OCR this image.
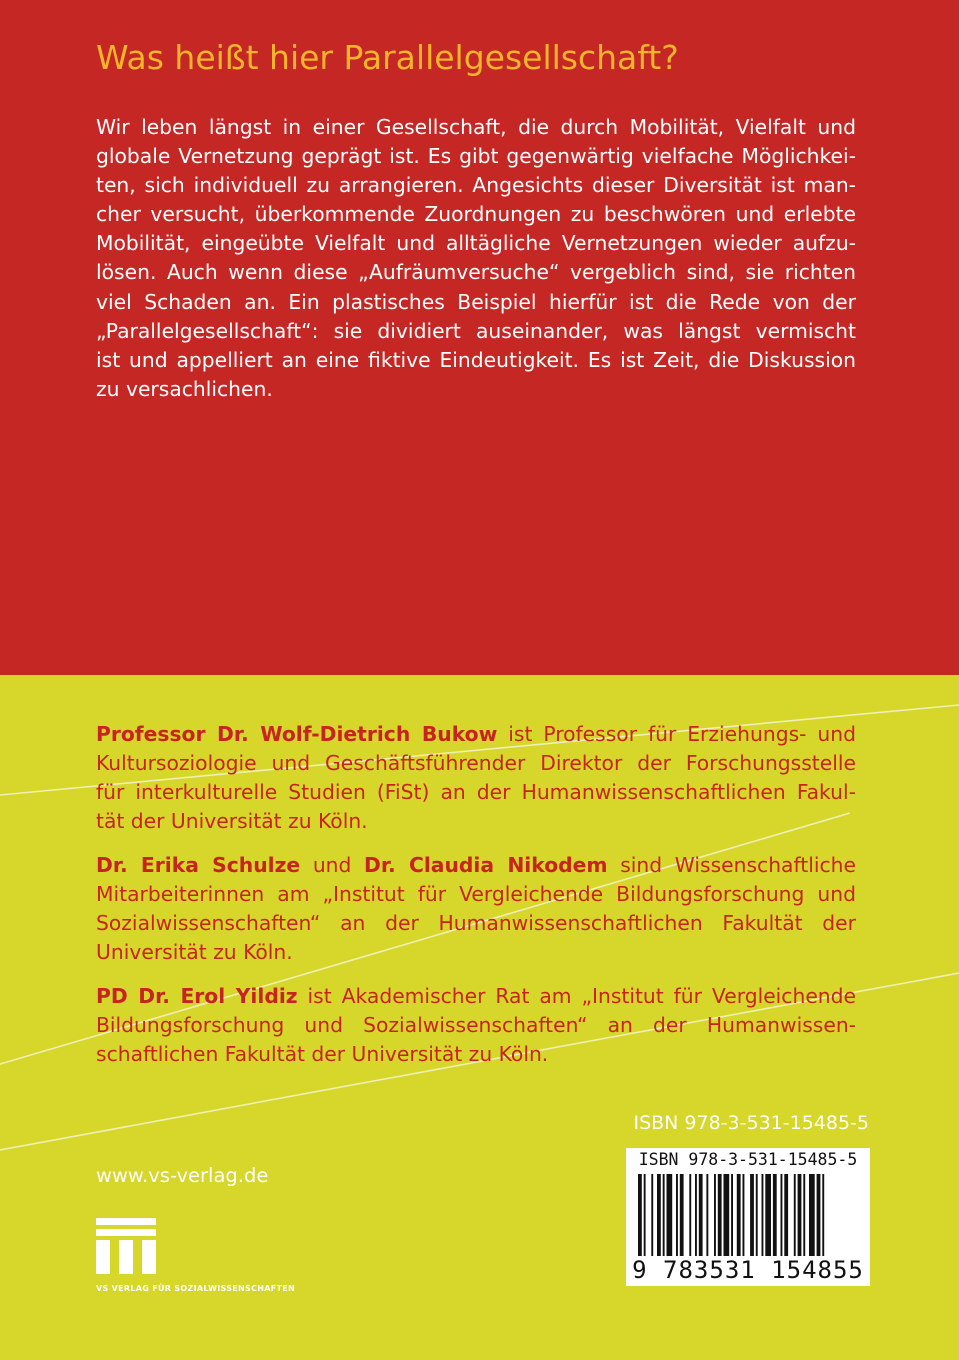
Was heißt hier Parallelgesellschaft?

Wir leben längst in einer Gesellschaft, die durch Mobilität, Vielfalt und
globale Vernetzung geprägt ist. Es gibt gegenwärtig vielfache Möglichkei-
ten, sich individuell zu arrangieren. Angesichts dieser Diversität ist man-
cher versucht, überkommende Zuordnungen zu beschwören und erlebte
Mobilität, eingeübte Vielfalt und alltägliche Vernetzungen wieder aufzu-
lösen. Auch wenn diese „Aufräumversuche“ vergeblich sind, sie richten
viel Schaden an. Ein plastisches Beispiel hierfür ist die Rede von der
„Parallelgesellschaft“: sie dividiert auseinander, was längst vermischt
ist und appelliert an eine fiktive Eindeutigkeit. Es ist Zeit, die Diskussion
zu versachlichen.

Professor Dr. Wolf-Dietrich Bukow ist Professor für Erziehungs- und
Kultursoziologie und Geschäftsführender Direktor der Forschungsstelle
für interkulturelle Studien (FiSt) an der Humanwissenschaftlichen Fakul-
tät der Universität zu Köln.

Dr. Erika Schulze und Dr. Claudia Nikodem sind Wissenschaftliche
Mitarbeiterinnen am „Institut für Vergleichende Bildungsforschung und
Sozialwissenschaften“ an der Humanwissenschaftlichen Fakultät der
Universität zu Köln.

PD Dr. Erol Yildiz ist Akademischer Rat am „Institut für Vergleichende
Bildungsforschung und Sozialwissenschaften“ an der Humanwissen-
schaftlichen Fakultät der Universität zu Köln.

ISBN 978-3-531-15485-5
www.vs-verlag.de
ISBN 978-3-531-15485-5
9 783531 154855
VS VERLAG FÜR SOZIALWISSENSCHAFTEN
